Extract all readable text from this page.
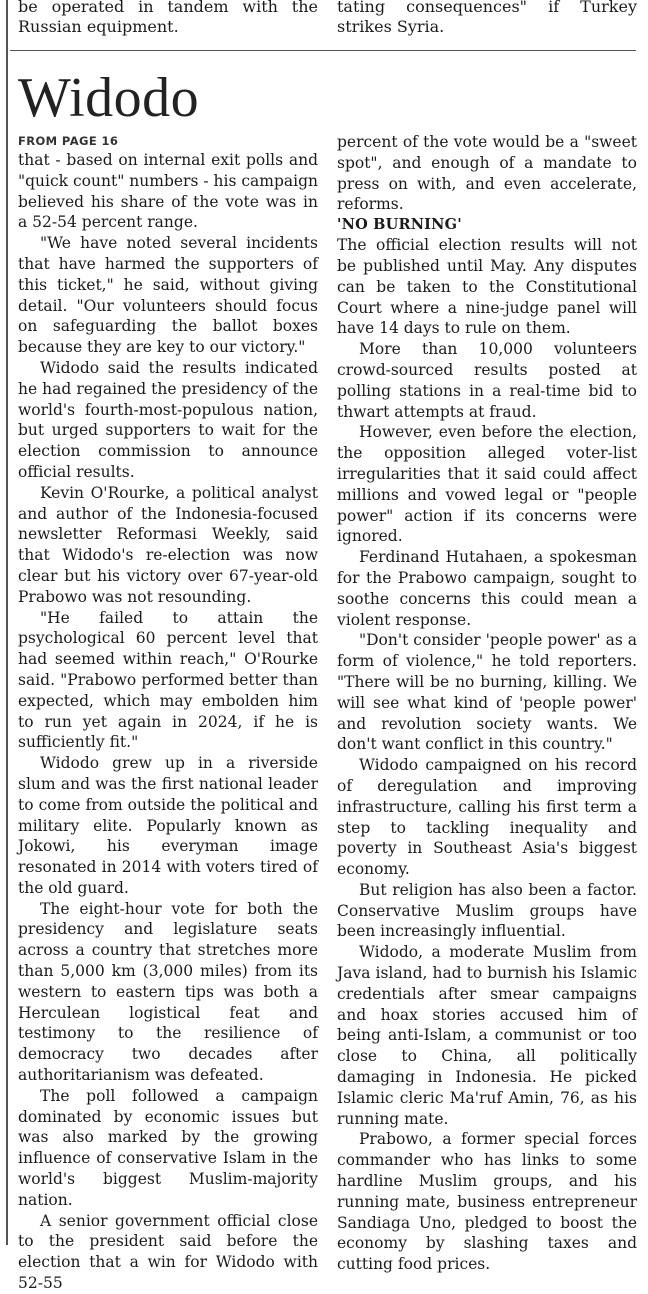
be operated in tandem with the Russian equipment.
tating consequences" if Turkey strikes Syria.
Widodo
FROM PAGE 16

that - based on internal exit polls and "quick count" numbers - his campaign believed his share of the vote was in a 52-54 percent range.

"We have noted several incidents that have harmed the supporters of this ticket," he said, without giving detail. "Our volunteers should focus on safeguarding the ballot boxes because they are key to our victory."

Widodo said the results indicated he had regained the presidency of the world's fourth-most-populous nation, but urged supporters to wait for the election commission to announce official results.

Kevin O'Rourke, a political analyst and author of the Indonesia-focused newsletter Reformasi Weekly, said that Widodo's re-election was now clear but his victory over 67-year-old Prabowo was not resounding.

"He failed to attain the psychological 60 percent level that had seemed within reach," O'Rourke said. "Prabowo performed better than expected, which may embolden him to run yet again in 2024, if he is sufficiently fit."

Widodo grew up in a riverside slum and was the first national leader to come from outside the political and military elite. Popularly known as Jokowi, his everyman image resonated in 2014 with voters tired of the old guard.

The eight-hour vote for both the presidency and legislature seats across a country that stretches more than 5,000 km (3,000 miles) from its western to eastern tips was both a Herculean logistical feat and testimony to the resilience of democracy two decades after authoritarianism was defeated.

The poll followed a campaign dominated by economic issues but was also marked by the growing influence of conservative Islam in the world's biggest Muslim-majority nation.

A senior government official close to the president said before the election that a win for Widodo with 52-55

percent of the vote would be a "sweet spot", and enough of a mandate to press on with, and even accelerate, reforms.

'NO BURNING'

The official election results will not be published until May. Any disputes can be taken to the Constitutional Court where a nine-judge panel will have 14 days to rule on them.

More than 10,000 volunteers crowd-sourced results posted at polling stations in a real-time bid to thwart attempts at fraud.

However, even before the election, the opposition alleged voter-list irregularities that it said could affect millions and vowed legal or "people power" action if its concerns were ignored.

Ferdinand Hutahaen, a spokesman for the Prabowo campaign, sought to soothe concerns this could mean a violent response.

"Don't consider 'people power' as a form of violence," he told reporters. "There will be no burning, killing. We will see what kind of 'people power' and revolution society wants. We don't want conflict in this country."

Widodo campaigned on his record of deregulation and improving infrastructure, calling his first term a step to tackling inequality and poverty in Southeast Asia's biggest economy.

But religion has also been a factor. Conservative Muslim groups have been increasingly influential.

Widodo, a moderate Muslim from Java island, had to burnish his Islamic credentials after smear campaigns and hoax stories accused him of being anti-Islam, a communist or too close to China, all politically damaging in Indonesia. He picked Islamic cleric Ma'ruf Amin, 76, as his running mate.

Prabowo, a former special forces commander who has links to some hardline Muslim groups, and his running mate, business entrepreneur Sandiaga Uno, pledged to boost the economy by slashing taxes and cutting food prices.
